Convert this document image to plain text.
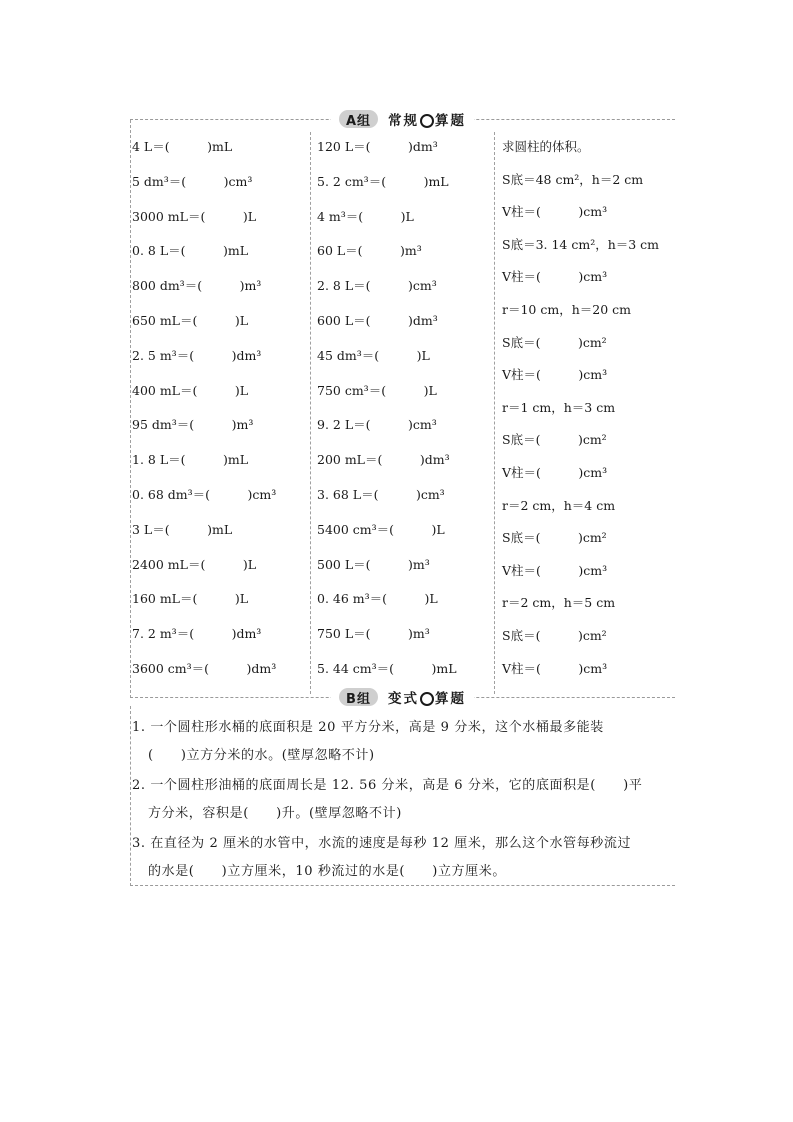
A组	常规 算题
4 L＝(　　　)mL
5 dm³＝(　　　)cm³
3000 mL＝(　　　)L
0. 8 L＝(　　　)mL
800 dm³＝(　　　)m³
650 mL＝(　　　)L
2. 5 m³＝(　　　)dm³
400 mL＝(　　　)L
95 dm³＝(　　　)m³
1. 8 L＝(　　　)mL
0. 68 dm³＝(　　　)cm³
3 L＝(　　　)mL
2400 mL＝(　　　)L
160 mL＝(　　　)L
7. 2 m³＝(　　　)dm³
3600 cm³＝(　　　)dm³
120 L＝(　　　)dm³
5. 2 cm³＝(　　　)mL
4 m³＝(　　　)L
60 L＝(　　　)m³
2. 8 L＝(　　　)cm³
600 L＝(　　　)dm³
45 dm³＝(　　　)L
750 cm³＝(　　　)L
9. 2 L＝(　　　)cm³
200 mL＝(　　　)dm³
3. 68 L＝(　　　)cm³
5400 cm³＝(　　　)L
500 L＝(　　　)m³
0. 46 m³＝(　　　)L
750 L＝(　　　)m³
5. 44 cm³＝(　　　)mL
求圆柱的体积。
S底＝48 cm²，h＝2 cm
V柱＝(　　　)cm³
S底＝3. 14 cm²，h＝3 cm
V柱＝(　　　)cm³
r＝10 cm，h＝20 cm
S底＝(　　　)cm²
V柱＝(　　　)cm³
r＝1 cm，h＝3 cm
S底＝(　　　)cm²
V柱＝(　　　)cm³
r＝2 cm，h＝4 cm
S底＝(　　　)cm²
V柱＝(　　　)cm³
r＝2 cm，h＝5 cm
S底＝(　　　)cm²
V柱＝(　　　)cm³
B组	变式 算题
1. 一个圆柱形水桶的底面积是 20 平方分米，高是 9 分米，这个水桶最多能装
(　　)立方分米的水。(壁厚忽略不计)
2. 一个圆柱形油桶的底面周长是 12. 56 分米，高是 6 分米，它的底面积是(　　)平
方分米，容积是(　　)升。(壁厚忽略不计)
3. 在直径为 2 厘米的水管中，水流的速度是每秒 12 厘米，那么这个水管每秒流过
的水是(　　)立方厘米，10 秒流过的水是(　　)立方厘米。
